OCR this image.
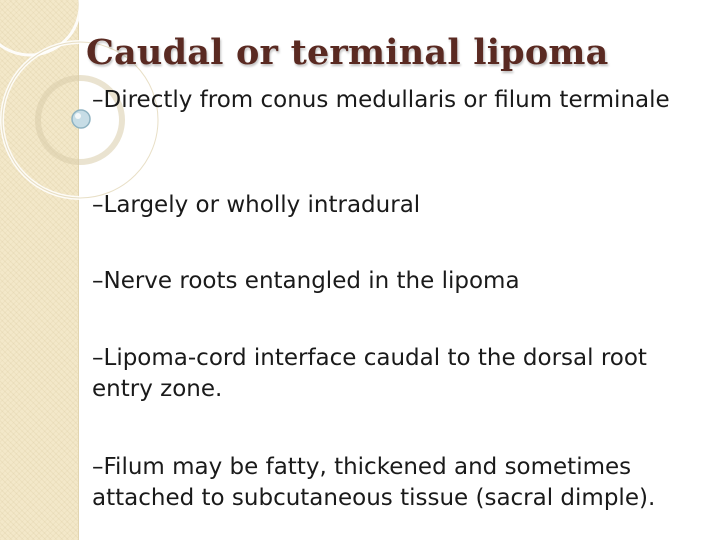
Caudal or terminal lipoma

–Directly from conus medullaris or filum terminale

–Largely or wholly intradural

–Nerve roots entangled in the lipoma

–Lipoma-cord interface caudal to the dorsal root entry zone.

–Filum may be fatty, thickened and sometimes attached to subcutaneous tissue (sacral dimple).
